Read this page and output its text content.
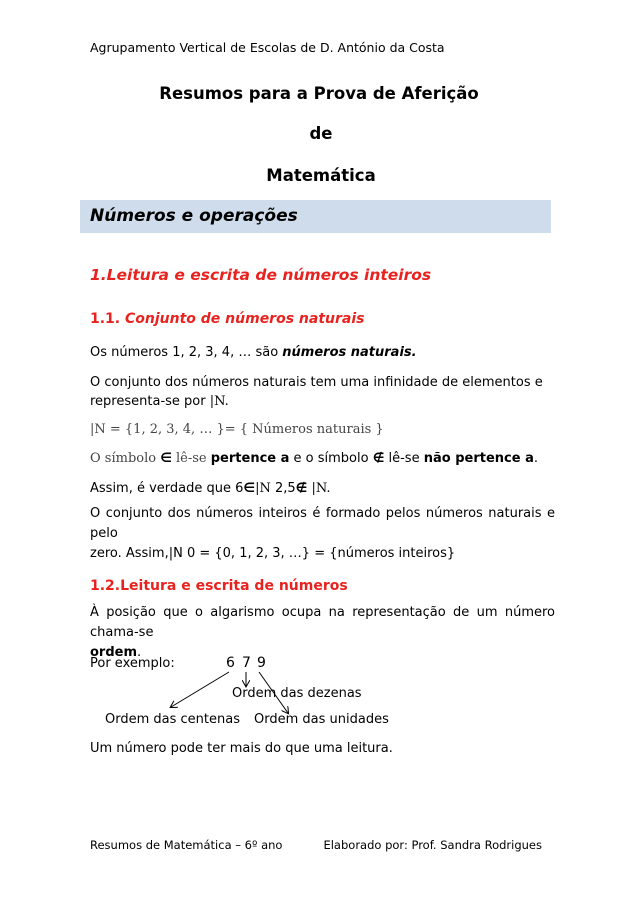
Agrupamento Vertical de Escolas de D. António da Costa
Resumos para a Prova de Aferição
de
Matemática
Números e operações
1.Leitura e escrita de números inteiros
1.1. Conjunto de números naturais
Os números 1, 2, 3, 4, … são números naturais.
O conjunto dos números naturais tem uma infinidade de elementos e
representa-se por |N.
|N = {1, 2, 3, 4, … }= { Números naturais }
O símbolo ∈ lê-se pertence a e o símbolo ∉ lê-se não pertence a.
Assim, é verdade que 6∈|N 2,5∉ |N.
O conjunto dos números inteiros é formado pelos números naturais e pelo
zero. Assim,|N 0 = {0, 1, 2, 3, …} = {números inteiros}
1.2.Leitura e escrita de números
À posição que o algarismo ocupa na representação de um número chama-se
ordem.
Por exemplo:	6 7 9
Ordem das dezenas
Ordem das centenas Ordem das unidades
Um número pode ter mais do que uma leitura.
Resumos de Matemática – 6º ano	Elaborado por: Prof. Sandra Rodrigues
